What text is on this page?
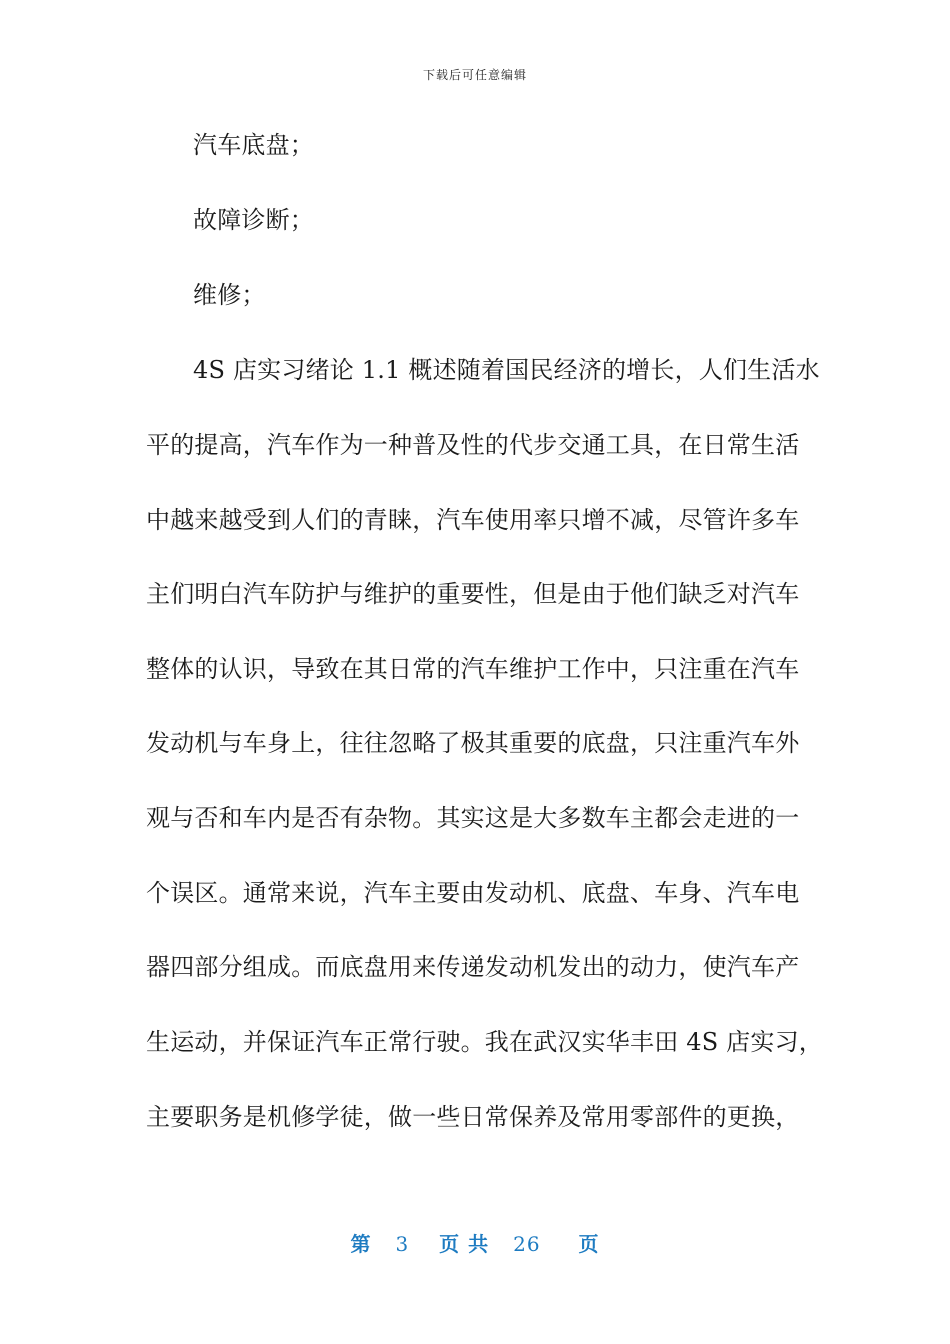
下载后可任意编辑
汽车底盘；
故障诊断；
维修；
4S 店实习绪论 1.1 概述随着国民经济的增长，人们生活水
平的提高，汽车作为一种普及性的代步交通工具，在日常生活
中越来越受到人们的青睐，汽车使用率只增不减，尽管许多车
主们明白汽车防护与维护的重要性，但是由于他们缺乏对汽车
整体的认识，导致在其日常的汽车维护工作中，只注重在汽车
发动机与车身上，往往忽略了极其重要的底盘，只注重汽车外
观与否和车内是否有杂物。其实这是大多数车主都会走进的一
个误区。通常来说，汽车主要由发动机、底盘、车身、汽车电
器四部分组成。而底盘用来传递发动机发出的动力，使汽车产
生运动，并保证汽车正常行驶。我在武汉实华丰田 4S 店实习，
主要职务是机修学徒，做一些日常保养及常用零部件的更换，
第 3 页 共 26 页
